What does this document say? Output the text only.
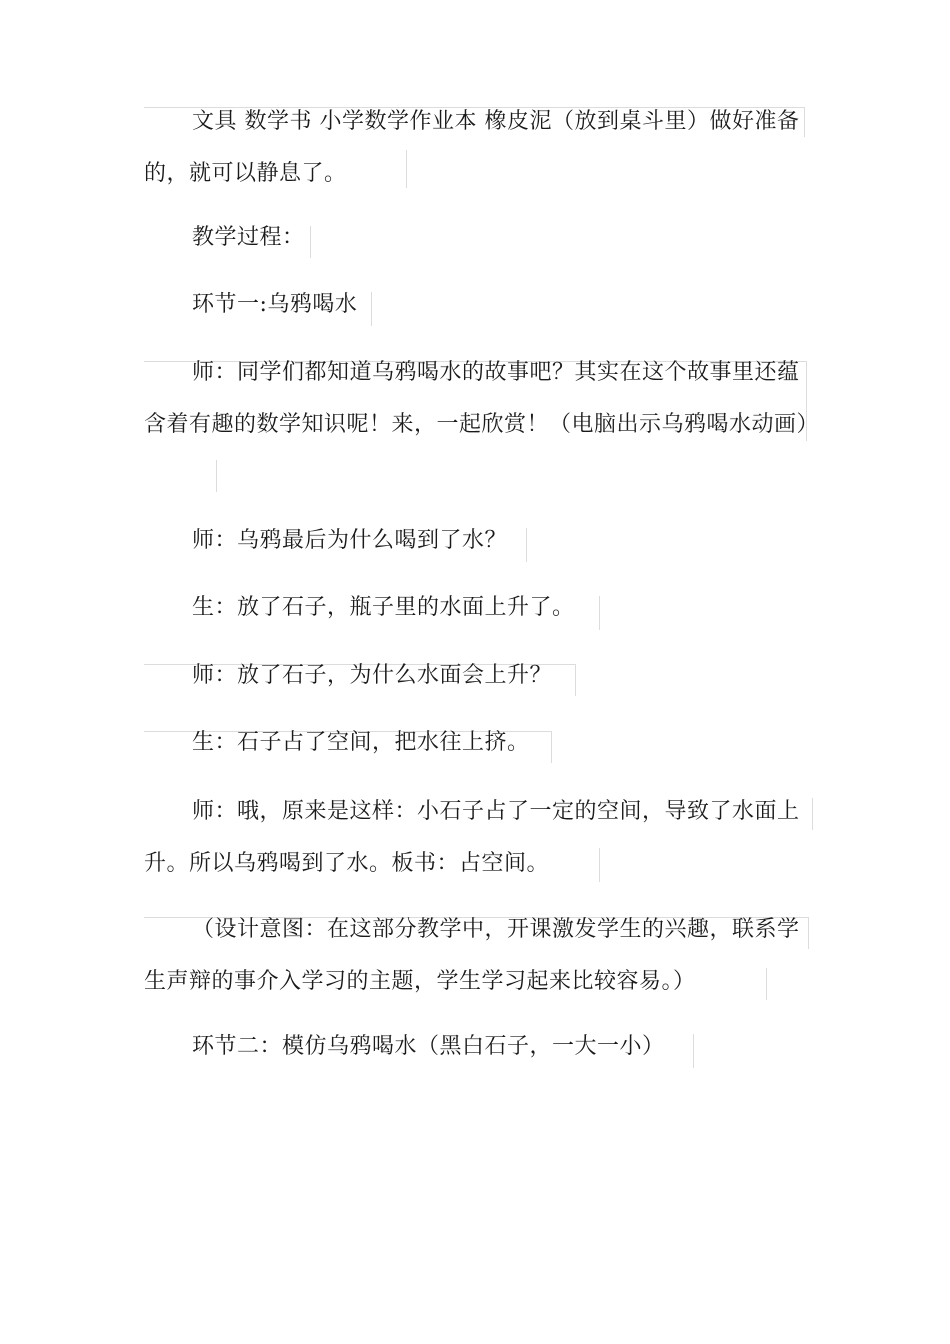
文具 数学书 小学数学作业本 橡皮泥（放到桌斗里）做好准备的，就可以静息了。
教学过程：
环节一:乌鸦喝水
师：同学们都知道乌鸦喝水的故事吧？其实在这个故事里还蕴含着有趣的数学知识呢！来，一起欣赏！（电脑出示乌鸦喝水动画）
师：乌鸦最后为什么喝到了水？
生：放了石子，瓶子里的水面上升了。
师：放了石子，为什么水面会上升？
生：石子占了空间，把水往上挤。
师：哦，原来是这样：小石子占了一定的空间，导致了水面上升。所以乌鸦喝到了水。板书：占空间。
（设计意图：在这部分教学中，开课激发学生的兴趣，联系学生声辩的事介入学习的主题，学生学习起来比较容易。）
环节二：模仿乌鸦喝水（黑白石子，一大一小）
